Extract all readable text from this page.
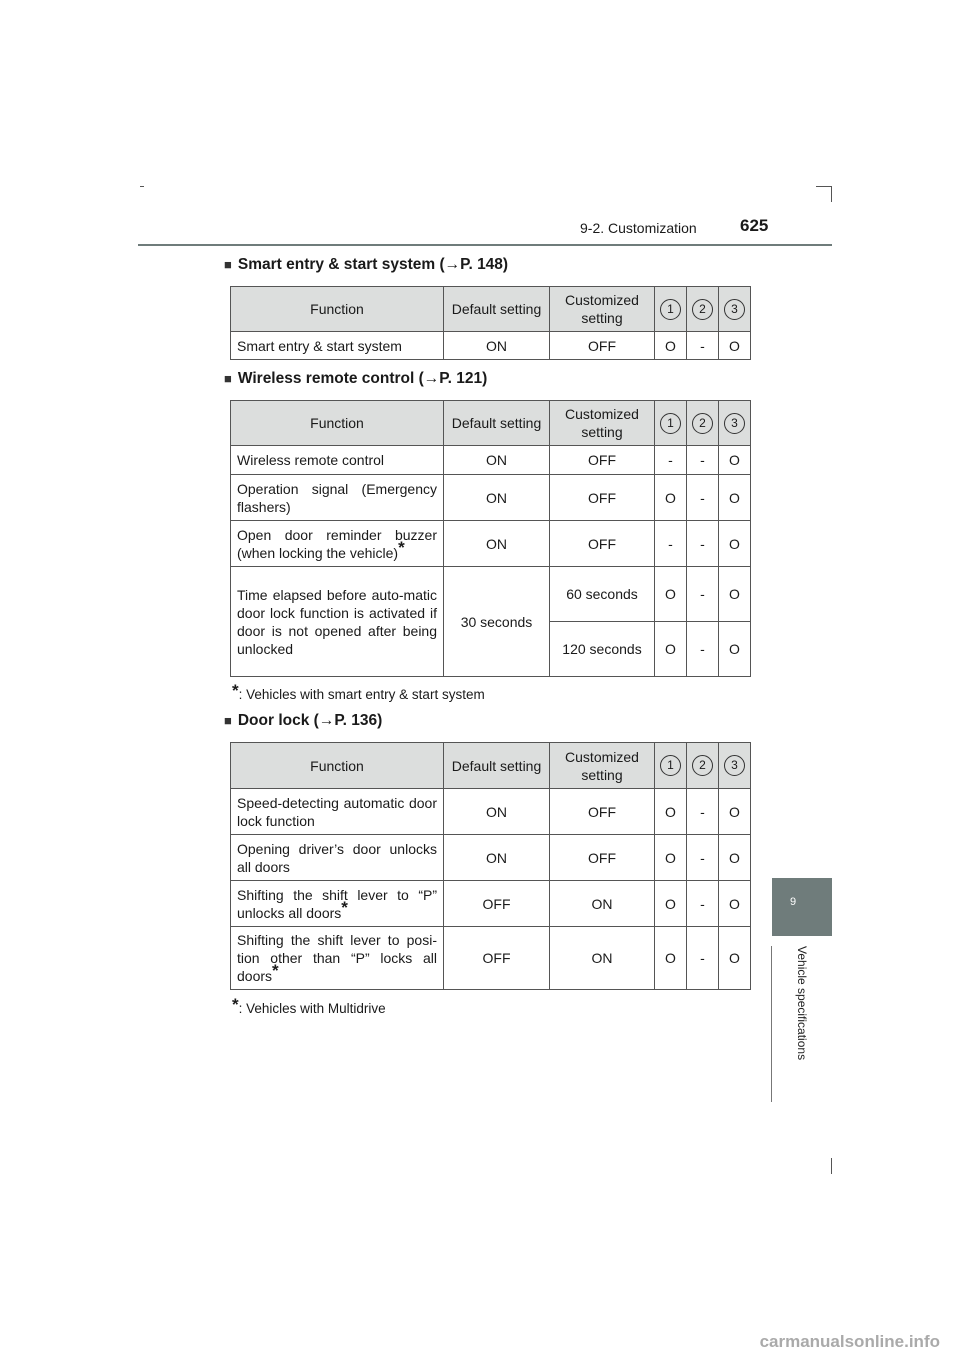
9-2. Customization	625
9
Vehicle specifications
■ Smart entry & start system (→P. 148)
Function	Default setting	Customized setting	1	2	3
Smart entry & start system	ON	OFF	O	-	O
■ Wireless remote control (→P. 121)
Function	Default setting	Customized setting	1	2	3
Wireless remote control	ON	OFF	-	-	O
Operation signal (Emergency flashers)	ON	OFF	O	-	O
Open door reminder buzzer (when locking the vehicle)*	ON	OFF	-	-	O
Time elapsed before auto-matic door lock function is activated if door is not opened after being unlocked	30 seconds	60 seconds	O	-	O
		120 seconds	O	-	O
*: Vehicles with smart entry & start system
■ Door lock (→P. 136)
Function	Default setting	Customized setting	1	2	3
Speed-detecting automatic door lock function	ON	OFF	O	-	O
Opening driver’s door unlocks all doors	ON	OFF	O	-	O
Shifting the shift lever to “P” unlocks all doors*	OFF	ON	O	-	O
Shifting the shift lever to posi-tion other than “P” locks all doors*	OFF	ON	O	-	O
*: Vehicles with Multidrive
carmanualsonline.info
